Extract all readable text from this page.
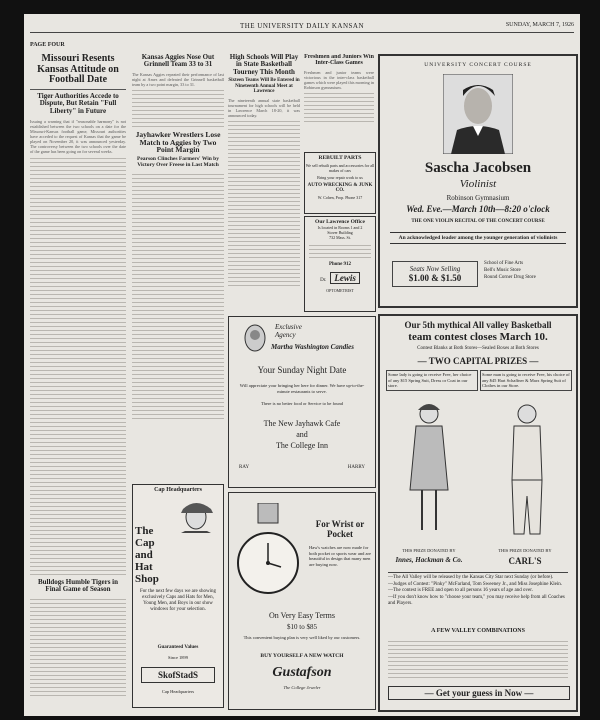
THE UNIVERSITY DAILY KANSAN	SUNDAY, MARCH 7, 1926
PAGE FOUR
Missouri Resents Kansas Attitude on Football Date
Tiger Authorities Accede to Dispute, But Retain "Full Liberty" in Future

Issuing a warning that if "reasonable harmony" is not established between the two schools on a date for the Missouri-Kansas football game, Missouri authorities have acceded to the request of Kansas that the game be played on November 20, it was announced yesterday. The controversy between the two schools over the date of the game has been going on for several weeks.

Bulldogs Humble Tigers in Final Game of Season
Kansas Aggies Nose Out Grinnell Team 33 to 31
The Kansas Aggies repeated their performance of last night at Ames and defeated the Grinnell basketball team by a two point margin, 33 to 31.
Jayhawker Wrestlers Lose Match to Aggies by Two Point Margin
Pearson Clinches Farmers' Win by Victory Over Freese in Last Match
Cap Headquarters
The
Cap
and
Hat
Shop
For the next few days we are showing exclusively Caps and Hats for Men, Young Men, and Boys in our show windows for your selection.
Guaranteed Values
Since 1899
SkofStadS
Cap Headquarters
High Schools Will Play in State Basketball Tourney This Month
Sixteen Teams Will Be Entered in Nineteenth Annual Meet at Lawrence
The nineteenth annual state basketball tournament for high schools will be held in Lawrence March 18-20, it was announced today.
Freshmen and Juniors Win Inter-Class Games
Freshmen and junior teams were victorious in the inter-class basketball games which were played this morning in Robinson gymnasium.
REBUILT PARTS
We sell rebuilt parts and accessories for all makes of cars
Bring your repair work to us
AUTO WRECKING & JUNK CO.
W. Cohen, Prop. Phone 317
Our Lawrence Office
Is located in Rooms 1 and 2
Stover Building
732 Mass. St.
Phone 912
Dr. Lewis
OPTOMETRIST
UNIVERSITY CONCERT COURSE
Sascha Jacobsen
Violinist
Robinson Gymnasium
Wed. Eve.—March 10th—8:20 o'clock
THE ONE VIOLIN RECITAL OF THE CONCERT COURSE
An acknowledged leader among the younger generation of violinists
Seats Now Selling
$1.00 & $1.50
School of Fine Arts
Bell's Music Store
Round Corner Drug Store
Exclusive
Agency
Martha Washington Candies
Your Sunday Night Date
Will appreciate your bringing her here for dinner. We have up-to-the-minute restaurants to serve.
There is no better food or Service to be found
The New Jayhawk Cafe
and
The College Inn
RAY	HARRY
For Wrist or
Pocket
Haw's watches are now made for both pocket or sports wear and are beautiful in design that many men are buying now.
On Very Easy Terms
$10 to $85
This convenient buying plan is very well liked by our customers.
BUY YOURSELF A NEW WATCH
Gustafson
The College Jeweler
Our 5th mythical All valley Basketball
team contest closes March 10.
Contest Blanks at Both Stores—Sealed Boxes at Both Stores
— TWO CAPITAL PRIZES —
Some lady is going to receive Free, her choice of any $15 Spring Suit, Dress or Coat in our store.
Some man is going to receive Free, his choice of any $45 Hart Schaffner & Marx Spring Suit of Clothes in our Store.
THIS PRIZE DONATED BY
Innes, Hackman & Co.
THIS PRIZE DONATED BY
CARL'S
—The All Valley will be released by the Kansas City Star next Sunday (or before).
—Judges of Contest: "Pinky" McFarland, Tom Sweeney Jr., and Miss Josephine Klein.
—The contest is FREE and open to all persons 16 years of age and over.
—If you don't know how to "choose your team," you may receive help from all Coaches and Players.
A FEW VALLEY COMBINATIONS
— Get your guess in Now —
